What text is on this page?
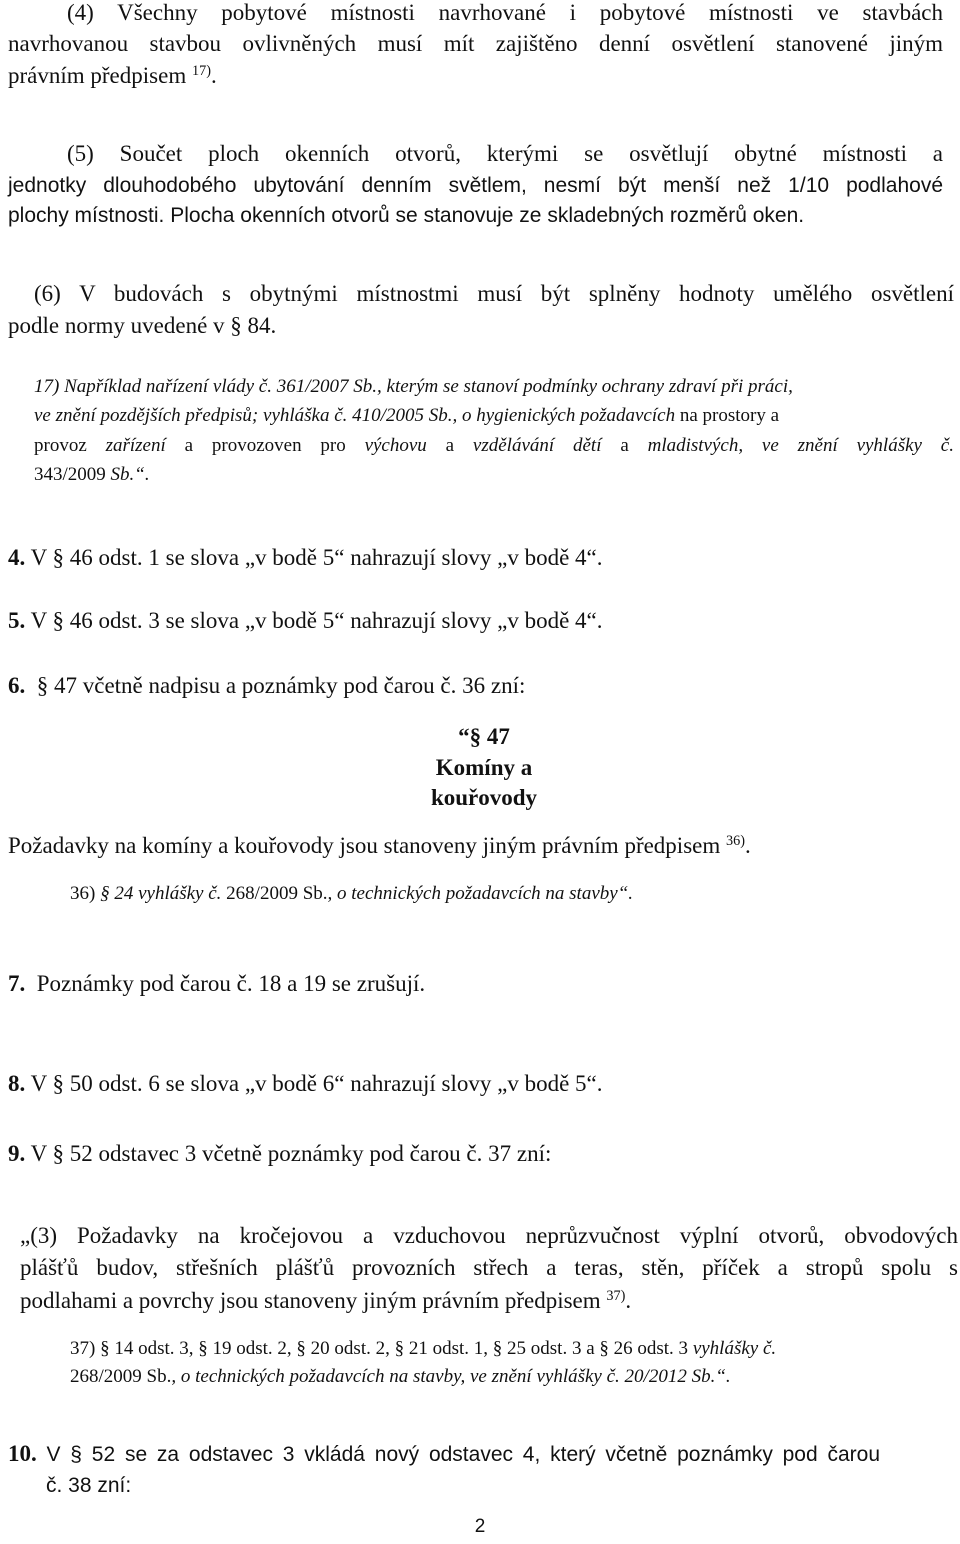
(4) Všechny pobytové místnosti navrhované i pobytové místnosti ve stavbách
navrhovanou stavbou ovlivněných musí mít zajištěno denní osvětlení stanovené jiným
právním předpisem $^{17)}$.
(5) Součet ploch okenních otvorů, kterými se osvětlují obytné místnosti a
jednotky dlouhodobého ubytování denním světlem, nesmí být menší než 1/10 podlahové
plochy místnosti. Plocha okenních otvorů se stanovuje ze skladebných rozměrů oken.
(6) V budovách s obytnými místnostmi musí být splněny hodnoty umělého osvětlení
podle normy uvedené v § 84.
17) Například nařízení vlády č. 361/2007 Sb., kterým se stanoví podmínky ochrany zdraví při práci,
ve znění pozdějších předpisů; vyhláška č. 410/2005 Sb., o hygienických požadavcích na prostory a
provoz zařízení a provozoven pro výchovu a vzdělávání dětí a mladistvých, ve znění vyhlášky č.
343/2009 Sb.“.
4. V § 46 odst. 1 se slova „v bodě 5“ nahrazují slovy „v bodě 4“.
5. V § 46 odst. 3 se slova „v bodě 5“ nahrazují slovy „v bodě 4“.
6. § 47 včetně nadpisu a poznámky pod čarou č. 36 zní:
“§ 47
Komíny a
kouřovody
Požadavky na komíny a kouřovody jsou stanoveny jiným právním předpisem $^{36)}$.
36) § 24 vyhlášky č. 268/2009 Sb., o technických požadavcích na stavby“.
7. Poznámky pod čarou č. 18 a 19 se zrušují.
8. V § 50 odst. 6 se slova „v bodě 6“ nahrazují slovy „v bodě 5“.
9. V § 52 odstavec 3 včetně poznámky pod čarou č. 37 zní:
„(3) Požadavky na kročejovou a vzduchovou neprůzvučnost výplní otvorů, obvodových
plášťů budov, střešních plášťů provozních střech a teras, stěn, příček a stropů spolu s
podlahami a povrchy jsou stanoveny jiným právním předpisem $^{37)}$.
37) § 14 odst. 3, § 19 odst. 2, § 20 odst. 2, § 21 odst. 1, § 25 odst. 3 a § 26 odst. 3 vyhlášky č.
268/2009 Sb., o technických požadavcích na stavby, ve znění vyhlášky č. 20/2012 Sb.“.
10. V § 52 se za odstavec 3 vkládá nový odstavec 4, který včetně poznámky pod čarou
č. 38 zní:
2
